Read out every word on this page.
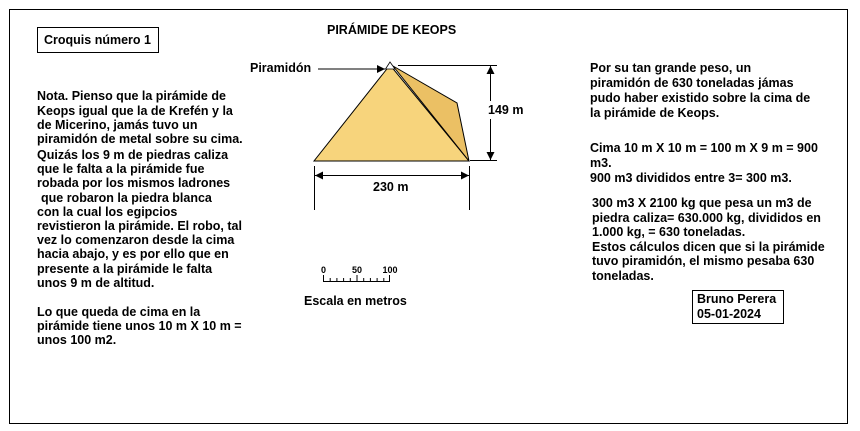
Croquis número 1
PIRÁMIDE DE KEOPS
Piramidón
149 m
230 m
0	50	100
Escala en metros
Nota. Pienso que la pirámide de
Keops igual que la de Krefén y la
de Micerino, jamás tuvo un
piramidón de metal sobre su cima.
Quizás los 9 m de piedras caliza
que le falta a la pirámide fue
robada por los mismos ladrones
que robaron la piedra blanca
con la cual los egipcios
revistieron la pirámide. El robo, tal
vez lo comenzaron desde la cima
hacia abajo, y es por ello que en
presente a la pirámide le falta
unos 9 m de altitud.
Lo que queda de cima en la
pirámide tiene unos 10 m X 10 m =
unos 100 m2.
Por su tan grande peso, un
piramidón de 630 toneladas jámas
pudo haber existido sobre la cima de
la pirámide de Keops.
Cima 10 m X 10 m = 100 m X 9 m = 900
m3.
900 m3 divididos entre 3= 300 m3.
300 m3 X 2100 kg que pesa un m3 de
piedra caliza= 630.000 kg, divididos en
1.000 kg, = 630 toneladas.
Estos cálculos dicen que si la pirámide
tuvo piramidón, el mismo pesaba 630
toneladas.
Bruno Perera
05-01-2024
